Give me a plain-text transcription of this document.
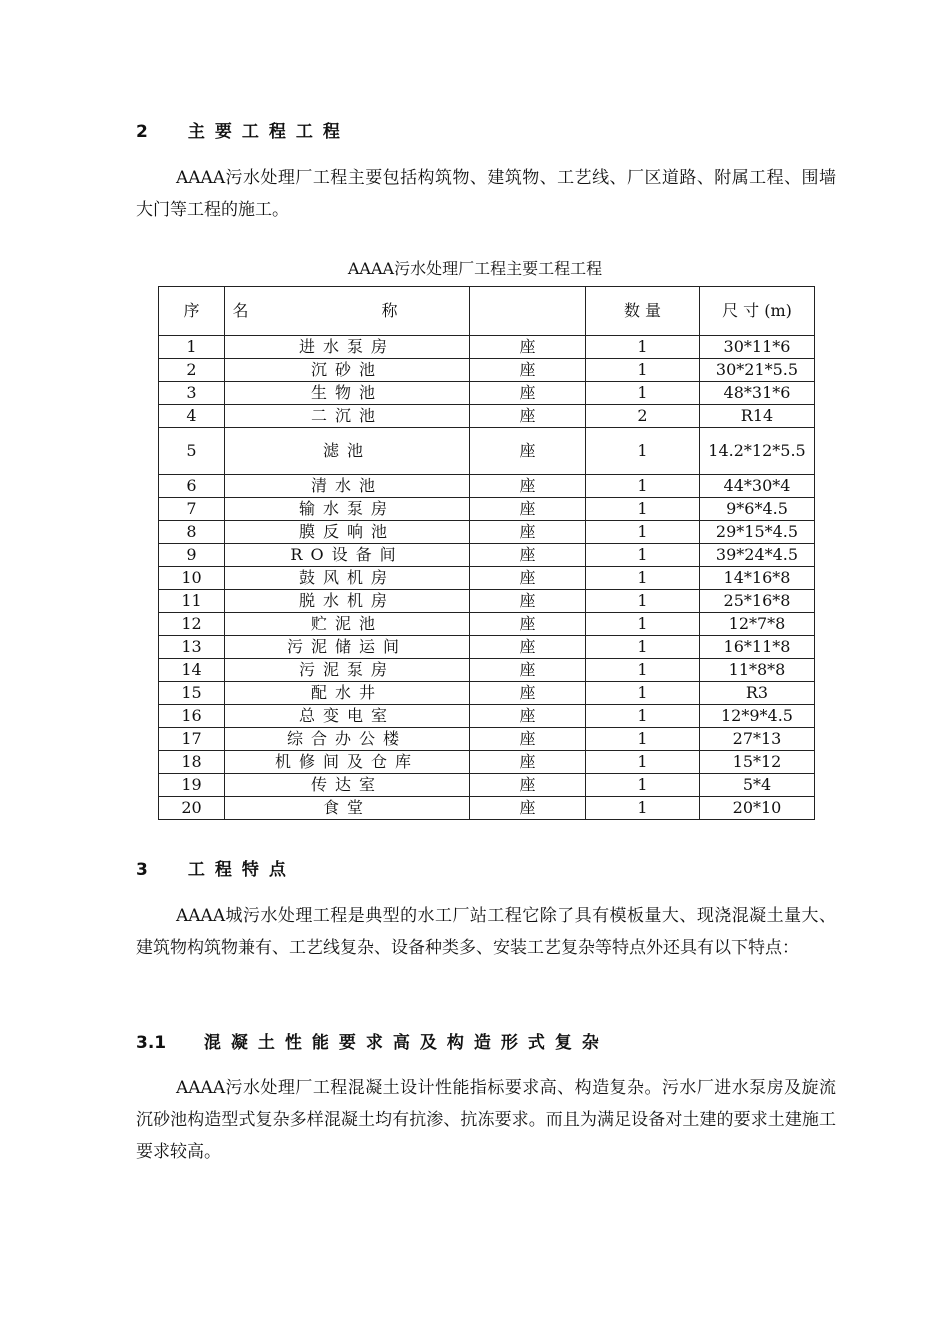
2 主要工程工程
AAAA污水处理厂工程主要包括构筑物、建筑物、工艺线、厂区道路、附属工程、围墙大门等工程的施工。
AAAA污水处理厂工程主要工程工程
序	名 称		数 量	尺 寸 (m)
1	进水泵房	座	1	30*11*6
2	沉砂池	座	1	30*21*5.5
3	生物池	座	1	48*31*6
4	二沉池	座	2	R14
5	滤池	座	1	14.2*12*5.5
6	清水池	座	1	44*30*4
7	输水泵房	座	1	9*6*4.5
8	膜反响池	座	1	29*15*4.5
9	RO设备间	座	1	39*24*4.5
10	鼓风机房	座	1	14*16*8
11	脱水机房	座	1	25*16*8
12	贮泥池	座	1	12*7*8
13	污泥储运间	座	1	16*11*8
14	污泥泵房	座	1	11*8*8
15	配水井	座	1	R3
16	总变电室	座	1	12*9*4.5
17	综合办公楼	座	1	27*13
18	机修间及仓库	座	1	15*12
19	传达室	座	1	5*4
20	食堂	座	1	20*10
3 工程特点
AAAA城污水处理工程是典型的水工厂站工程它除了具有模板量大、现浇混凝土量大、建筑物构筑物兼有、工艺线复杂、设备种类多、安装工艺复杂等特点外还具有以下特点：
3.1 混凝土性能要求高及构造形式复杂
AAAA污水处理厂工程混凝土设计性能指标要求高、构造复杂。污水厂进水泵房及旋流沉砂池构造型式复杂多样混凝土均有抗渗、抗冻要求。而且为满足设备对土建的要求土建施工要求较高。
